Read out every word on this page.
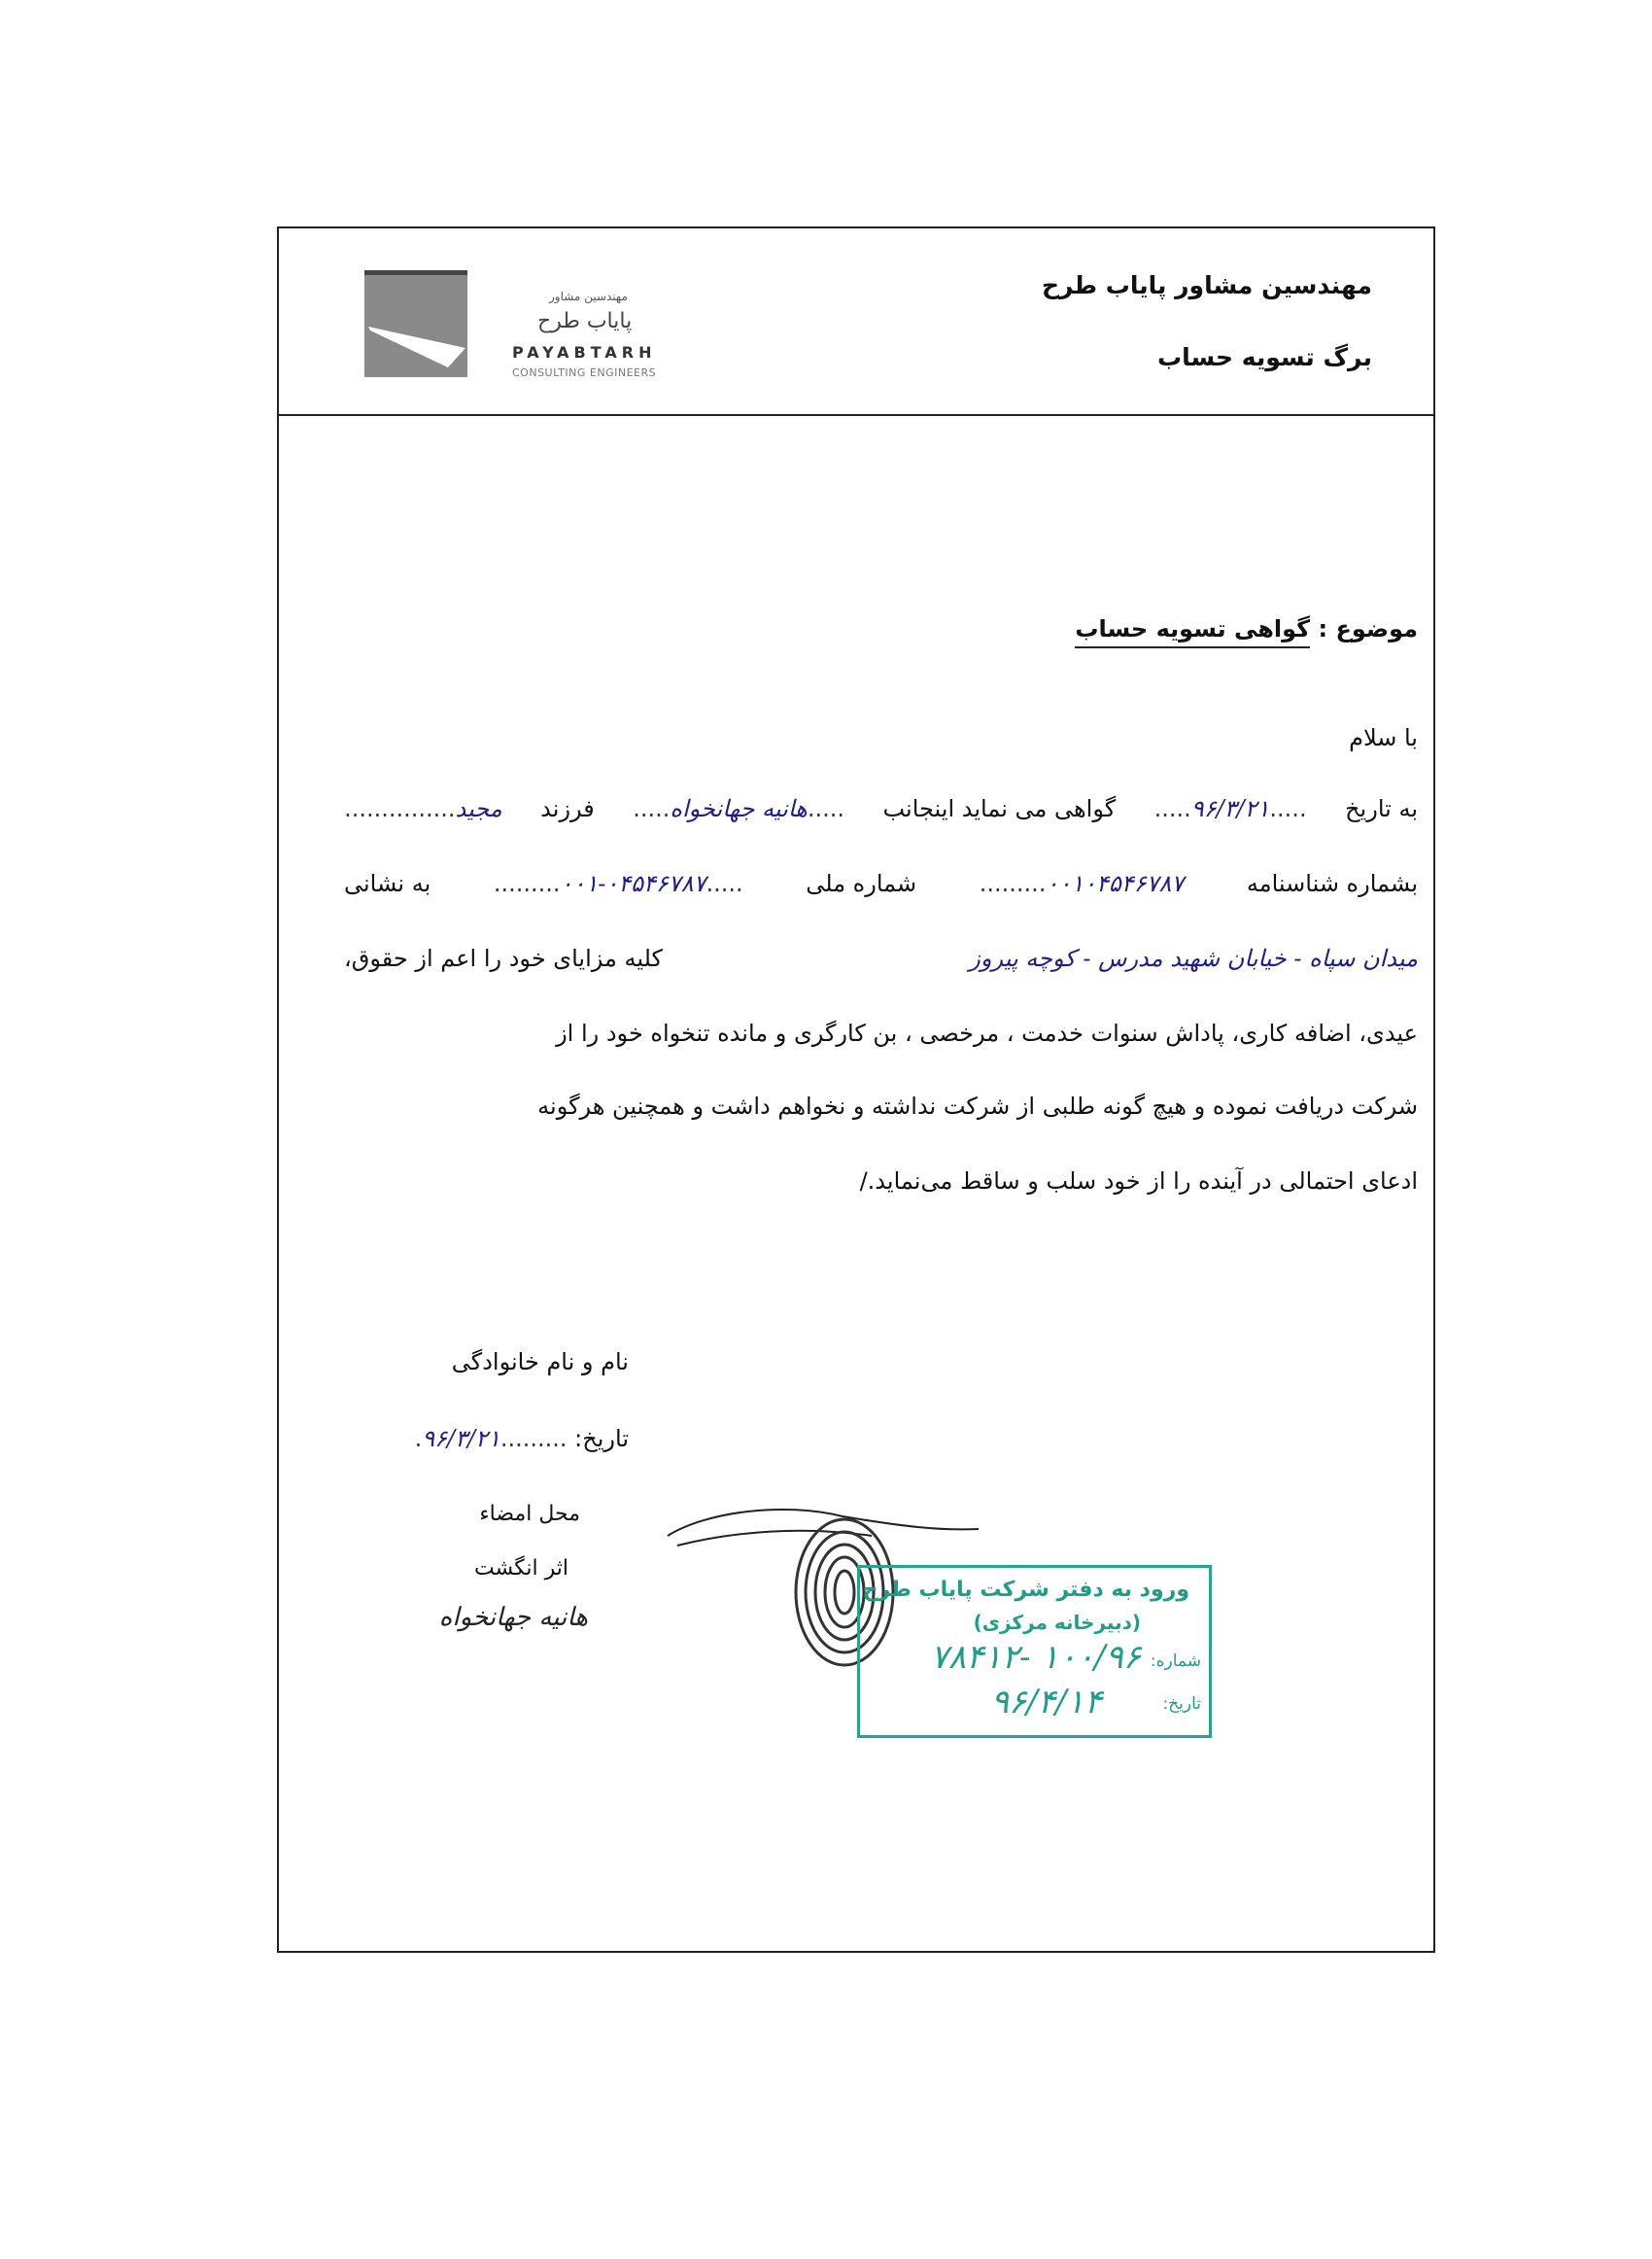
مهندسین مشاور پایاب طرح
برگ تسویه حساب
مهندسین مشاور
پایاب طرح
PAYABTARH
CONSULTING ENGINEERS
موضوع : گواهی تسویه حساب
با سلام
به تاریخ
.....۹۶/۳/۲۱.....
گواهی می نماید اینجانب
.....هانیه جهانخواه.....
فرزند
مجید...............
بشماره شناسنامه
۰۰۱۰۴۵۴۶۷۸۷.........
شماره ملی
.....۰۰۱-۰۴۵۴۶۷۸۷.........
به نشانی
میدان سپاه - خیابان شهید مدرس - کوچه پیروز
کلیه مزایای خود را اعم از حقوق،
عیدی، اضافه کاری، پاداش سنوات خدمت ، مرخصی ، بن کارگری و مانده تنخواه خود را از
شرکت دریافت نموده و هیچ گونه طلبی از شرکت نداشته و نخواهم داشت و همچنین هرگونه
ادعای احتمالی در آینده را از خود سلب و ساقط می‌نماید./
نام و نام خانوادگی
تاریخ: .........۹۶/۳/۲۱.
محل امضاء
اثر انگشت
هانیه جهانخواه
ورود به دفتر شرکت پایاب طرح
(دبیرخانه مرکزی)
شماره:
۱۰۰/۹۶ -۷۸۴۱۲
تاریخ:
۹۶/۴/۱۴
